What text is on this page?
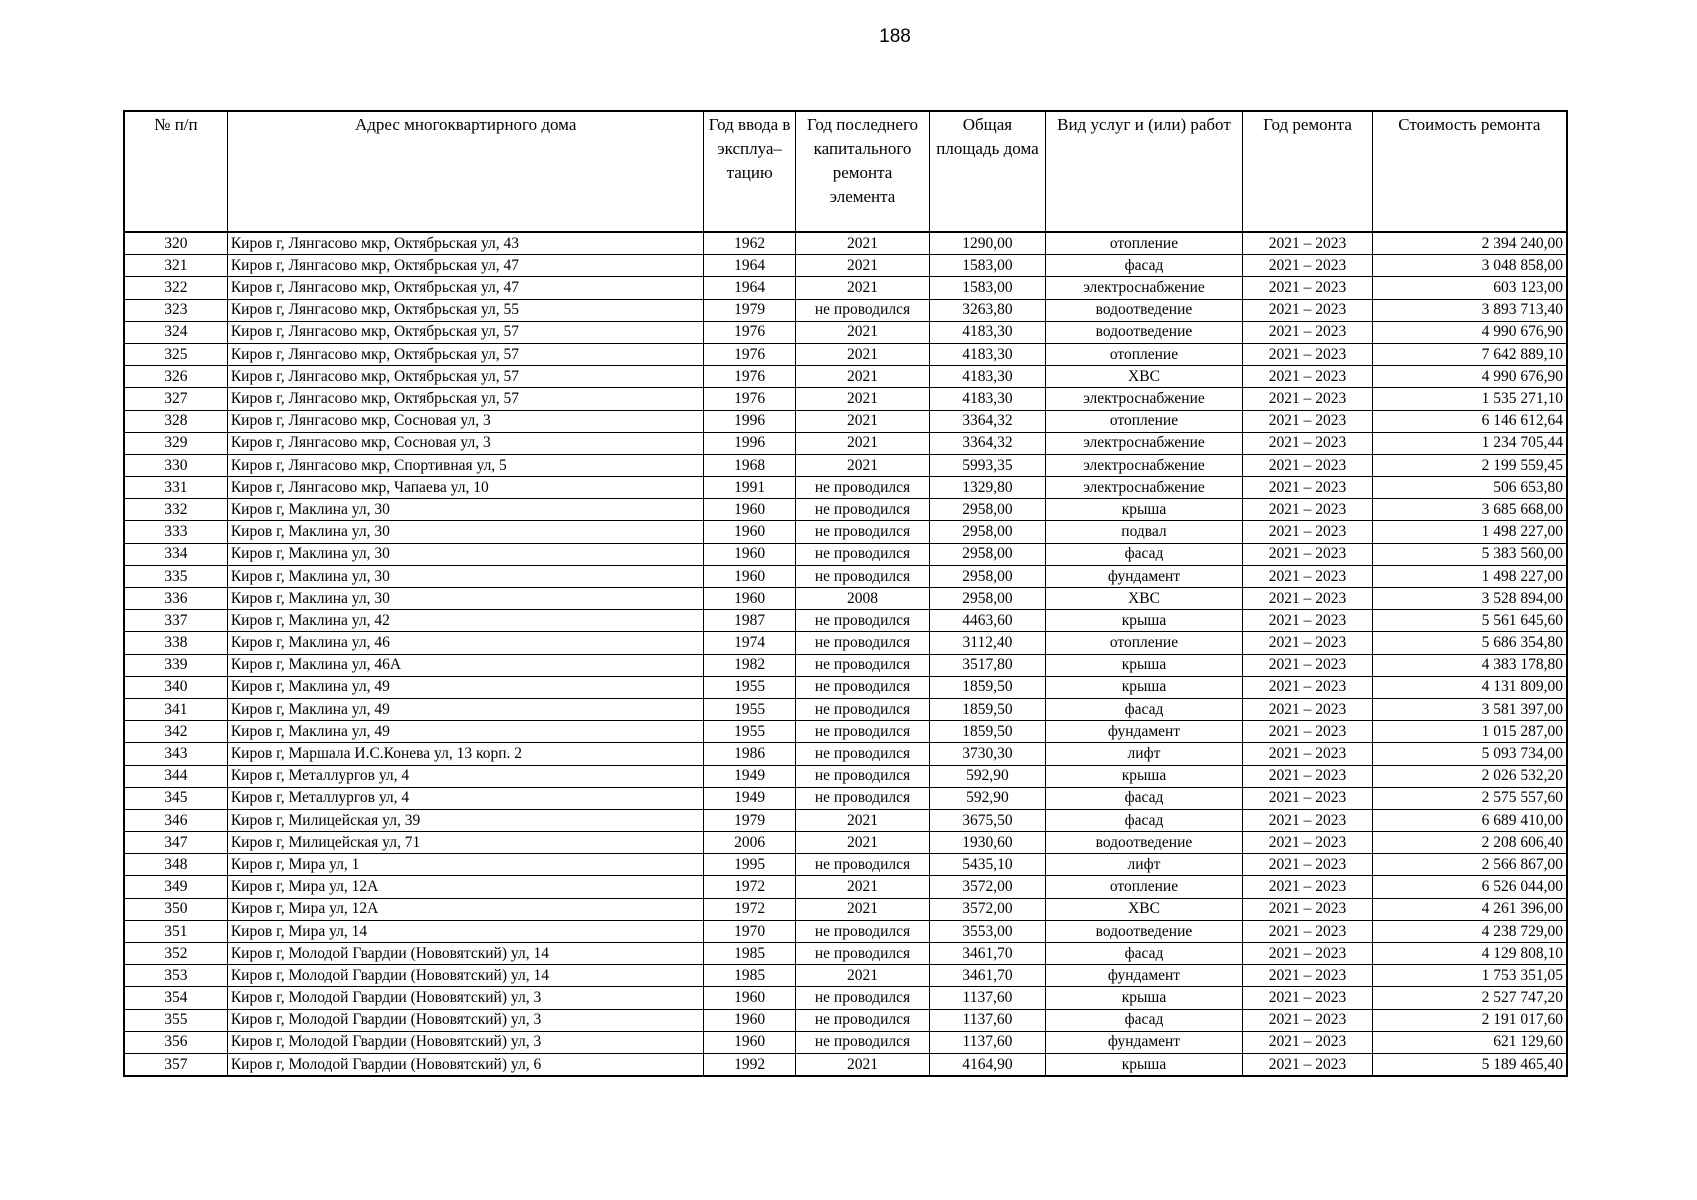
188
№ п/п	Адрес многоквартирного дома	Год ввода в эксплуа–тацию	Год последнего капитального ремонта элемента	Общая площадь дома	Вид услуг и (или) работ	Год ремонта	Стоимость ремонта
320	Киров г, Лянгасово мкр, Октябрьская ул, 43	1962	2021	1290,00	отопление	2021 – 2023	2 394 240,00
321	Киров г, Лянгасово мкр, Октябрьская ул, 47	1964	2021	1583,00	фасад	2021 – 2023	3 048 858,00
322	Киров г, Лянгасово мкр, Октябрьская ул, 47	1964	2021	1583,00	электроснабжение	2021 – 2023	603 123,00
323	Киров г, Лянгасово мкр, Октябрьская ул, 55	1979	не проводился	3263,80	водоотведение	2021 – 2023	3 893 713,40
324	Киров г, Лянгасово мкр, Октябрьская ул, 57	1976	2021	4183,30	водоотведение	2021 – 2023	4 990 676,90
325	Киров г, Лянгасово мкр, Октябрьская ул, 57	1976	2021	4183,30	отопление	2021 – 2023	7 642 889,10
326	Киров г, Лянгасово мкр, Октябрьская ул, 57	1976	2021	4183,30	ХВС	2021 – 2023	4 990 676,90
327	Киров г, Лянгасово мкр, Октябрьская ул, 57	1976	2021	4183,30	электроснабжение	2021 – 2023	1 535 271,10
328	Киров г, Лянгасово мкр, Сосновая ул, 3	1996	2021	3364,32	отопление	2021 – 2023	6 146 612,64
329	Киров г, Лянгасово мкр, Сосновая ул, 3	1996	2021	3364,32	электроснабжение	2021 – 2023	1 234 705,44
330	Киров г, Лянгасово мкр, Спортивная ул, 5	1968	2021	5993,35	электроснабжение	2021 – 2023	2 199 559,45
331	Киров г, Лянгасово мкр, Чапаева ул, 10	1991	не проводился	1329,80	электроснабжение	2021 – 2023	506 653,80
332	Киров г, Маклина ул, 30	1960	не проводился	2958,00	крыша	2021 – 2023	3 685 668,00
333	Киров г, Маклина ул, 30	1960	не проводился	2958,00	подвал	2021 – 2023	1 498 227,00
334	Киров г, Маклина ул, 30	1960	не проводился	2958,00	фасад	2021 – 2023	5 383 560,00
335	Киров г, Маклина ул, 30	1960	не проводился	2958,00	фундамент	2021 – 2023	1 498 227,00
336	Киров г, Маклина ул, 30	1960	2008	2958,00	ХВС	2021 – 2023	3 528 894,00
337	Киров г, Маклина ул, 42	1987	не проводился	4463,60	крыша	2021 – 2023	5 561 645,60
338	Киров г, Маклина ул, 46	1974	не проводился	3112,40	отопление	2021 – 2023	5 686 354,80
339	Киров г, Маклина ул, 46А	1982	не проводился	3517,80	крыша	2021 – 2023	4 383 178,80
340	Киров г, Маклина ул, 49	1955	не проводился	1859,50	крыша	2021 – 2023	4 131 809,00
341	Киров г, Маклина ул, 49	1955	не проводился	1859,50	фасад	2021 – 2023	3 581 397,00
342	Киров г, Маклина ул, 49	1955	не проводился	1859,50	фундамент	2021 – 2023	1 015 287,00
343	Киров г, Маршала И.С.Конева ул, 13 корп. 2	1986	не проводился	3730,30	лифт	2021 – 2023	5 093 734,00
344	Киров г, Металлургов ул, 4	1949	не проводился	592,90	крыша	2021 – 2023	2 026 532,20
345	Киров г, Металлургов ул, 4	1949	не проводился	592,90	фасад	2021 – 2023	2 575 557,60
346	Киров г, Милицейская ул, 39	1979	2021	3675,50	фасад	2021 – 2023	6 689 410,00
347	Киров г, Милицейская ул, 71	2006	2021	1930,60	водоотведение	2021 – 2023	2 208 606,40
348	Киров г, Мира ул, 1	1995	не проводился	5435,10	лифт	2021 – 2023	2 566 867,00
349	Киров г, Мира ул, 12А	1972	2021	3572,00	отопление	2021 – 2023	6 526 044,00
350	Киров г, Мира ул, 12А	1972	2021	3572,00	ХВС	2021 – 2023	4 261 396,00
351	Киров г, Мира ул, 14	1970	не проводился	3553,00	водоотведение	2021 – 2023	4 238 729,00
352	Киров г, Молодой Гвардии (Нововятский) ул, 14	1985	не проводился	3461,70	фасад	2021 – 2023	4 129 808,10
353	Киров г, Молодой Гвардии (Нововятский) ул, 14	1985	2021	3461,70	фундамент	2021 – 2023	1 753 351,05
354	Киров г, Молодой Гвардии (Нововятский) ул, 3	1960	не проводился	1137,60	крыша	2021 – 2023	2 527 747,20
355	Киров г, Молодой Гвардии (Нововятский) ул, 3	1960	не проводился	1137,60	фасад	2021 – 2023	2 191 017,60
356	Киров г, Молодой Гвардии (Нововятский) ул, 3	1960	не проводился	1137,60	фундамент	2021 – 2023	621 129,60
357	Киров г, Молодой Гвардии (Нововятский) ул, 6	1992	2021	4164,90	крыша	2021 – 2023	5 189 465,40
